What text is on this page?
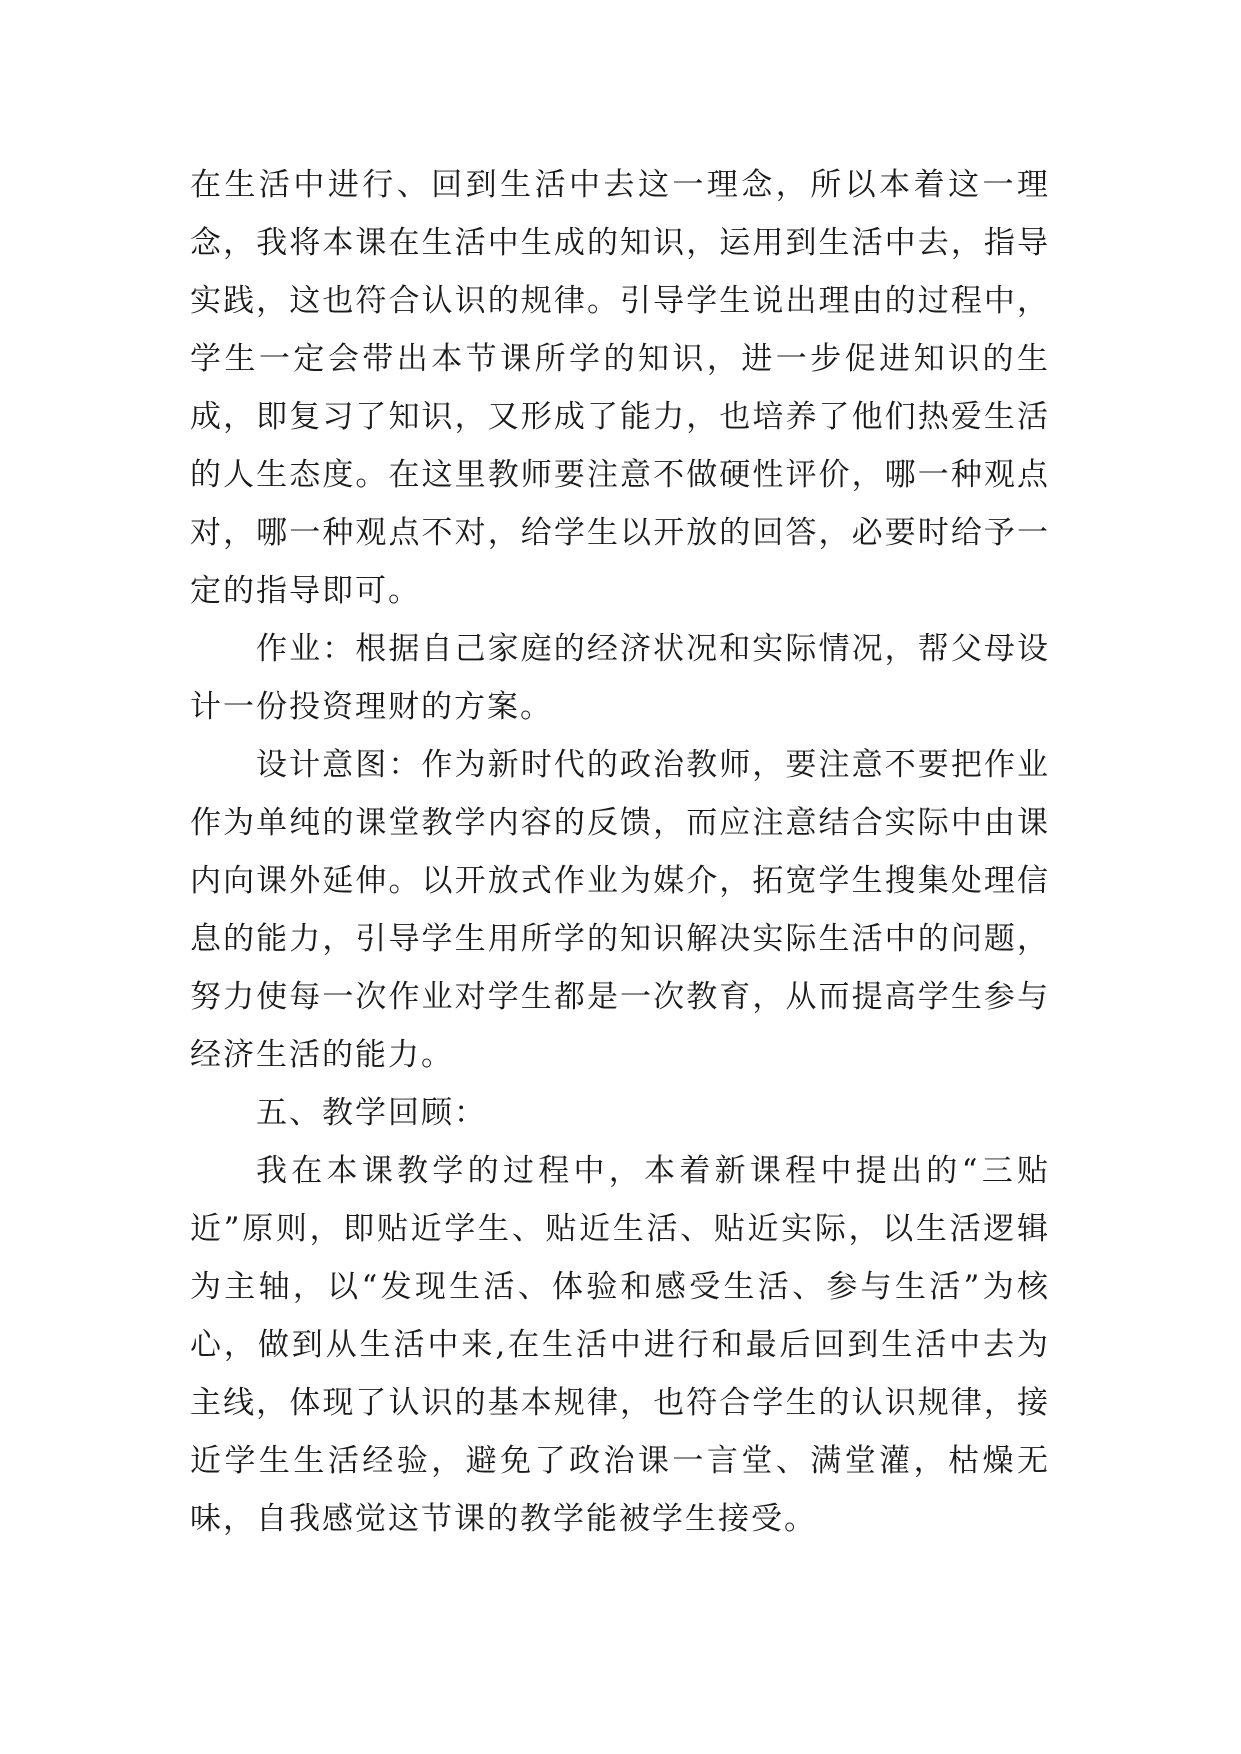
在生活中进行、回到生活中去这一理念，所以本着这一理念，我将本课在生活中生成的知识，运用到生活中去，指导实践，这也符合认识的规律。引导学生说出理由的过程中，学生一定会带出本节课所学的知识，进一步促进知识的生成，即复习了知识，又形成了能力，也培养了他们热爱生活的人生态度。在这里教师要注意不做硬性评价，哪一种观点对，哪一种观点不对，给学生以开放的回答，必要时给予一定的指导即可。

作业：根据自己家庭的经济状况和实际情况，帮父母设计一份投资理财的方案。

设计意图：作为新时代的政治教师，要注意不要把作业作为单纯的课堂教学内容的反馈，而应注意结合实际中由课内向课外延伸。以开放式作业为媒介，拓宽学生搜集处理信息的能力，引导学生用所学的知识解决实际生活中的问题，努力使每一次作业对学生都是一次教育，从而提高学生参与经济生活的能力。

五、教学回顾：

我在本课教学的过程中，本着新课程中提出的“三贴近”原则，即贴近学生、贴近生活、贴近实际，以生活逻辑为主轴，以“发现生活、体验和感受生活、参与生活”为核心，做到从生活中来,在生活中进行和最后回到生活中去为主线，体现了认识的基本规律，也符合学生的认识规律，接近学生生活经验，避免了政治课一言堂、满堂灌，枯燥无味，自我感觉这节课的教学能被学生接受。
